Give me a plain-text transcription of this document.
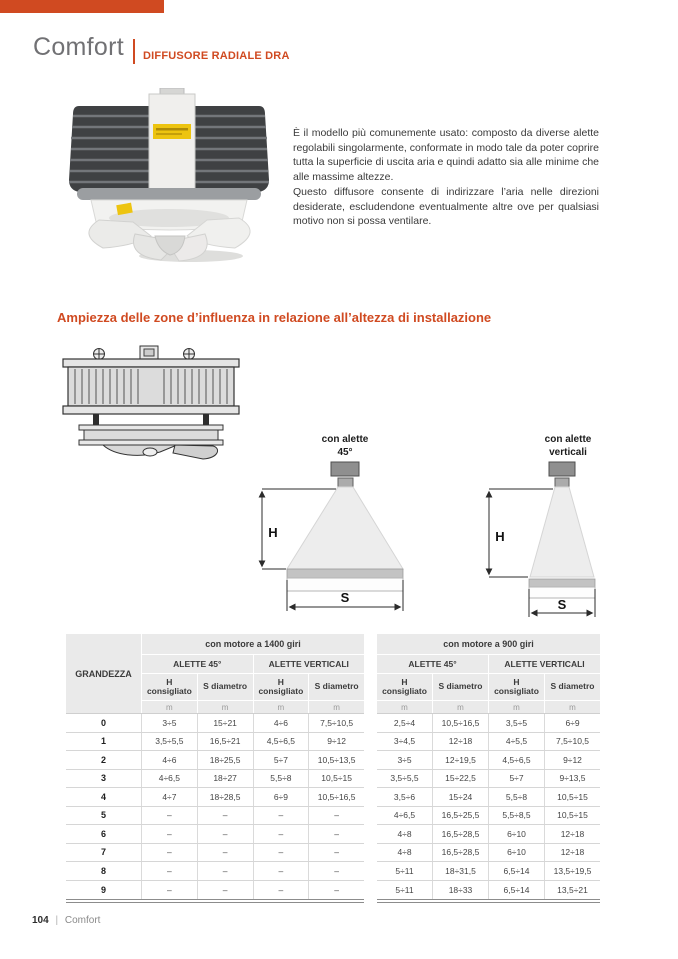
Comfort DIFFUSORE RADIALE DRA

È il modello più comunemente usato: composto da diverse alette regolabili singolarmente, conformate in modo tale da poter coprire tutta la superficie di uscita aria e quindi adatto sia alle minime che alle massime altezze.

Questo diffusore consente di indirizzare l’aria nelle direzioni desiderate, escludendone eventualmente altre ove per qualsiasi motivo non si possa ventilare.

Ampiezza delle zone d’influenza in relazione all’altezza di installazione
con alette
45°
H
S
con alette
verticali
H
S
GRANDEZZA
con motore a 1400 giri
ALETTE 45°	ALETTE VERTICALI
H
consigliato S diametro	H
consigliato S diametro
m	m	m	m
0	3÷5	15÷21	4÷6	7,5÷10,5
1	3,5÷5,5	16,5÷21	4,5÷6,5	9÷12
2	4÷6	18÷25,5	5÷7	10,5÷13,5
3	4÷6,5	18÷27	5,5÷8	10,5÷15
4	4÷7	18÷28,5	6÷9	10,5÷16,5
5	–	–	–	–
6	–	–	–	–
7	–	–	–	–
8	–	–	–	–
9	–	–	–	–
con motore a 900 giri
ALETTE 45°	ALETTE VERTICALI
H
consigliato S diametro	H
consigliato S diametro
m	m	m	m
2,5÷4	10,5÷16,5	3,5÷5	6÷9
3÷4,5	12÷18	4÷5,5	7,5÷10,5
3÷5	12÷19,5	4,5÷6,5	9÷12
3,5÷5,5	15÷22,5	5÷7	9÷13,5
3,5÷6	15÷24	5,5÷8	10,5÷15
4÷6,5	16,5÷25,5	5,5÷8,5	10,5÷15
4÷8	16,5÷28,5	6÷10	12÷18
4÷8	16,5÷28,5	6÷10	12÷18
5÷11	18÷31,5	6,5÷14	13,5÷19,5
5÷11	18÷33	6,5÷14	13,5÷21
104 | Comfort
